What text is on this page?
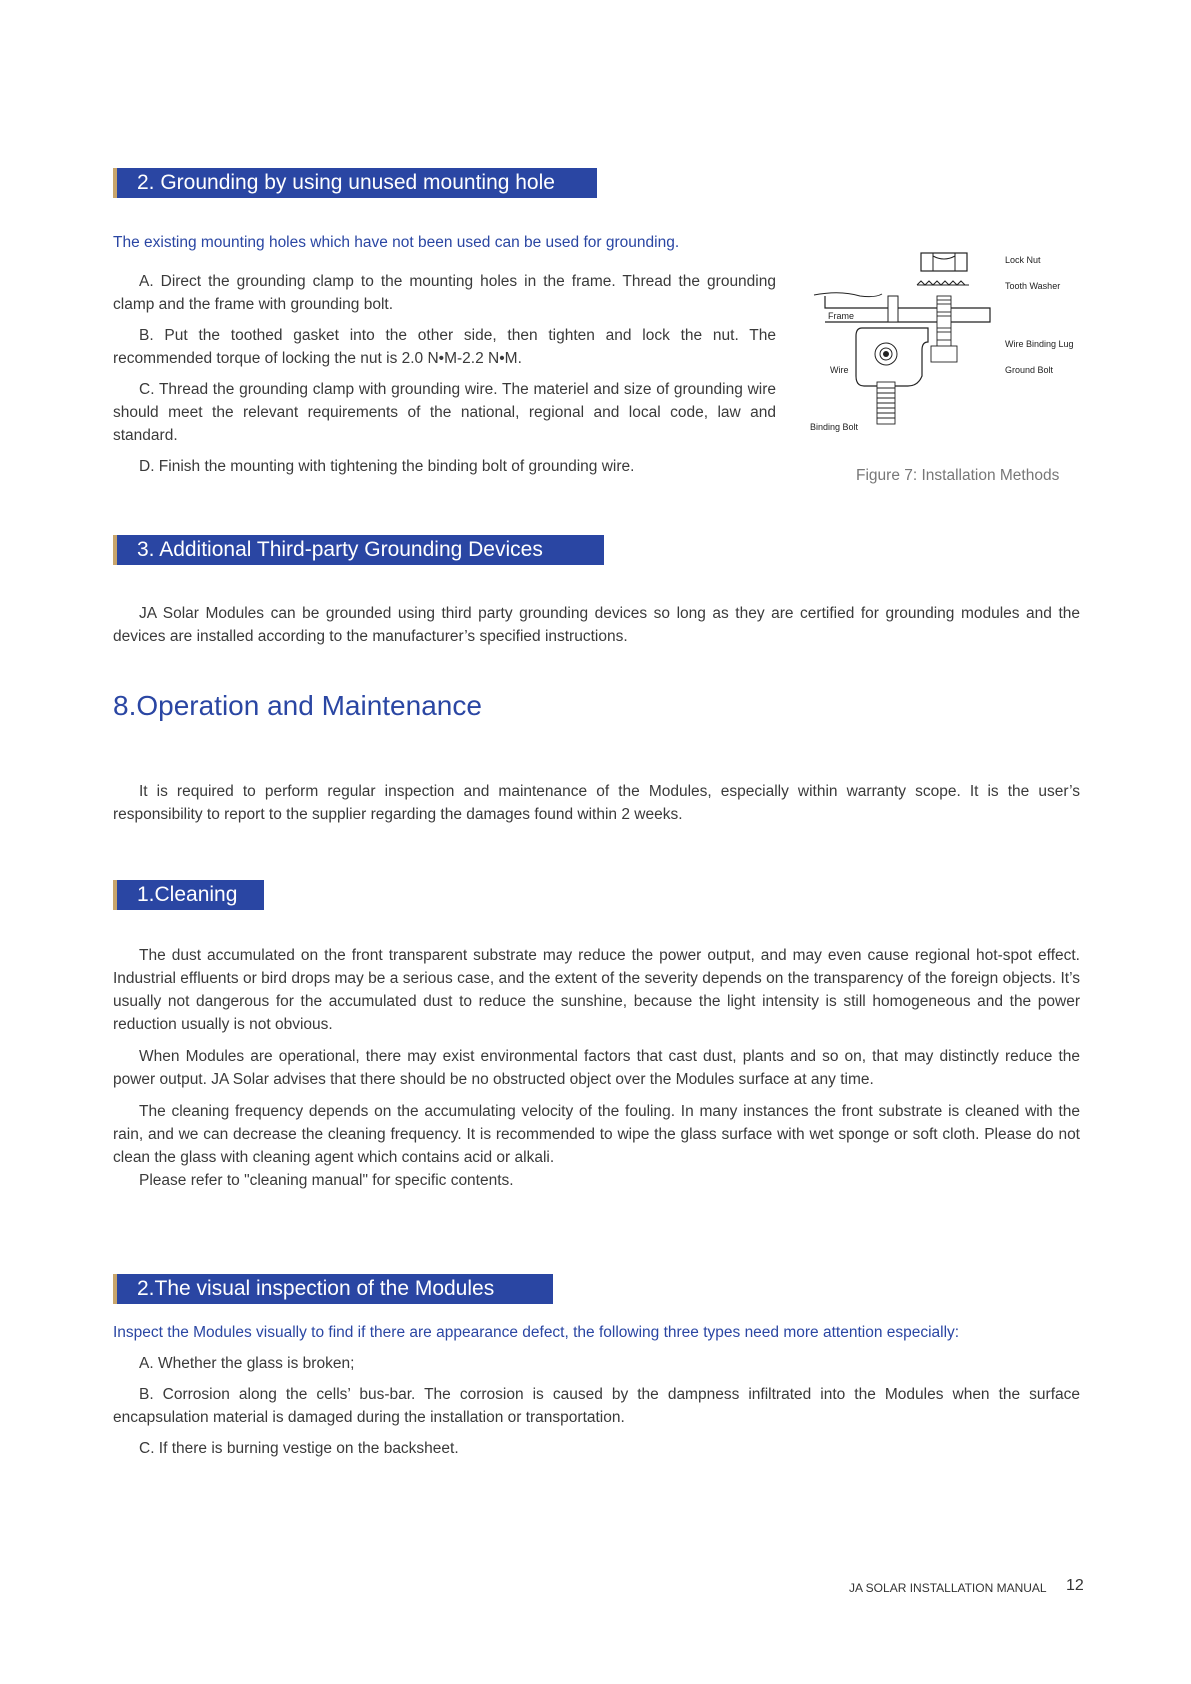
2. Grounding by using unused mounting hole
The existing mounting holes which have not been used can be used for grounding.

A. Direct the grounding clamp to the mounting holes in the frame. Thread the grounding clamp and the frame with grounding bolt.

B. Put the toothed gasket into the other side, then tighten and lock the nut. The recommended torque of locking the nut is 2.0 N•M-2.2 N•M.

C. Thread the grounding clamp with grounding wire. The materiel and size of grounding wire should meet the relevant requirements of the national, regional and local code, law and standard.

D. Finish the mounting with tightening the binding bolt of grounding wire.

Lock Nut
Tooth Washer
Frame
Wire Binding Lug
Wire	Ground Bolt
Binding Bolt
Figure 7: Installation Methods
3. Additional Third-party Grounding Devices

JA Solar Modules can be grounded using third party grounding devices so long as they are certified for grounding modules and the devices are installed according to the manufacturer’s specified instructions.

8.Operation and Maintenance

It is required to perform regular inspection and maintenance of the Modules, especially within warranty scope. It is the user’s responsibility to report to the supplier regarding the damages found within 2 weeks.

1.Cleaning

The dust accumulated on the front transparent substrate may reduce the power output, and may even cause regional hot-spot effect. Industrial effluents or bird drops may be a serious case, and the extent of the severity depends on the transparency of the foreign objects. It’s usually not dangerous for the accumulated dust to reduce the sunshine, because the light intensity is still homogeneous and the power reduction usually is not obvious.

When Modules are operational, there may exist environmental factors that cast dust, plants and so on, that may distinctly reduce the power output. JA Solar advises that there should be no obstructed object over the Modules surface at any time.

The cleaning frequency depends on the accumulating velocity of the fouling. In many instances the front substrate is cleaned with the rain, and we can decrease the cleaning frequency. It is recommended to wipe the glass surface with wet sponge or soft cloth. Please do not clean the glass with cleaning agent which contains acid or alkali.

Please refer to "cleaning manual" for specific contents.

2.The visual inspection of the Modules
Inspect the Modules visually to find if there are appearance defect, the following three types need more attention especially:

A. Whether the glass is broken;

B. Corrosion along the cells’ bus-bar. The corrosion is caused by the dampness infiltrated into the Modules when the surface encapsulation material is damaged during the installation or transportation.

C. If there is burning vestige on the backsheet.

JA SOLAR INSTALLATION MANUAL 12
